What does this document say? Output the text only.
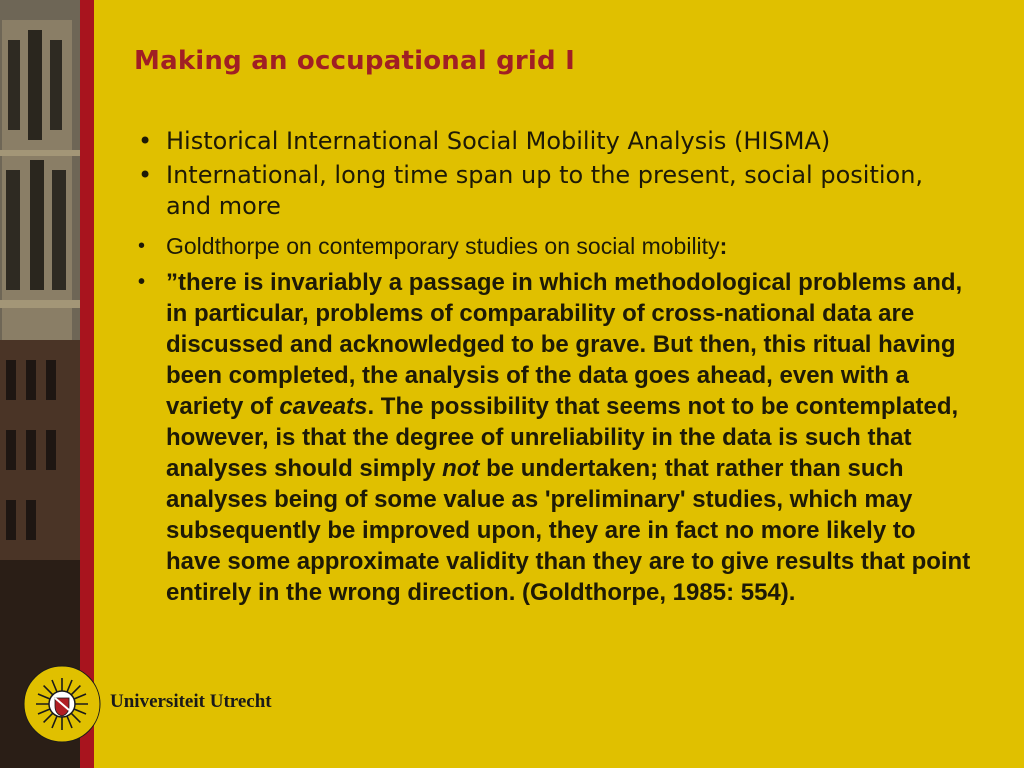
Making an occupational grid I
• Historical International Social Mobility Analysis (HISMA)
• International, long time span up to the present, social position, and more
• Goldthorpe on contemporary studies on social mobility:
• ”there is invariably a passage in which methodological problems and, in particular, problems of comparability of cross-national data are discussed and acknowledged to be grave. But then, this ritual having been completed, the analysis of the data goes ahead, even with a variety of caveats. The possibility that seems not to be contemplated, however, is that the degree of unreliability in the data is such that analyses should simply not be undertaken; that rather than such analyses being of some value as 'preliminary' studies, which may subsequently be improved upon, they are in fact no more likely to have some approximate validity than they are to give results that point entirely in the wrong direction. (Goldthorpe, 1985: 554).
Universiteit Utrecht
